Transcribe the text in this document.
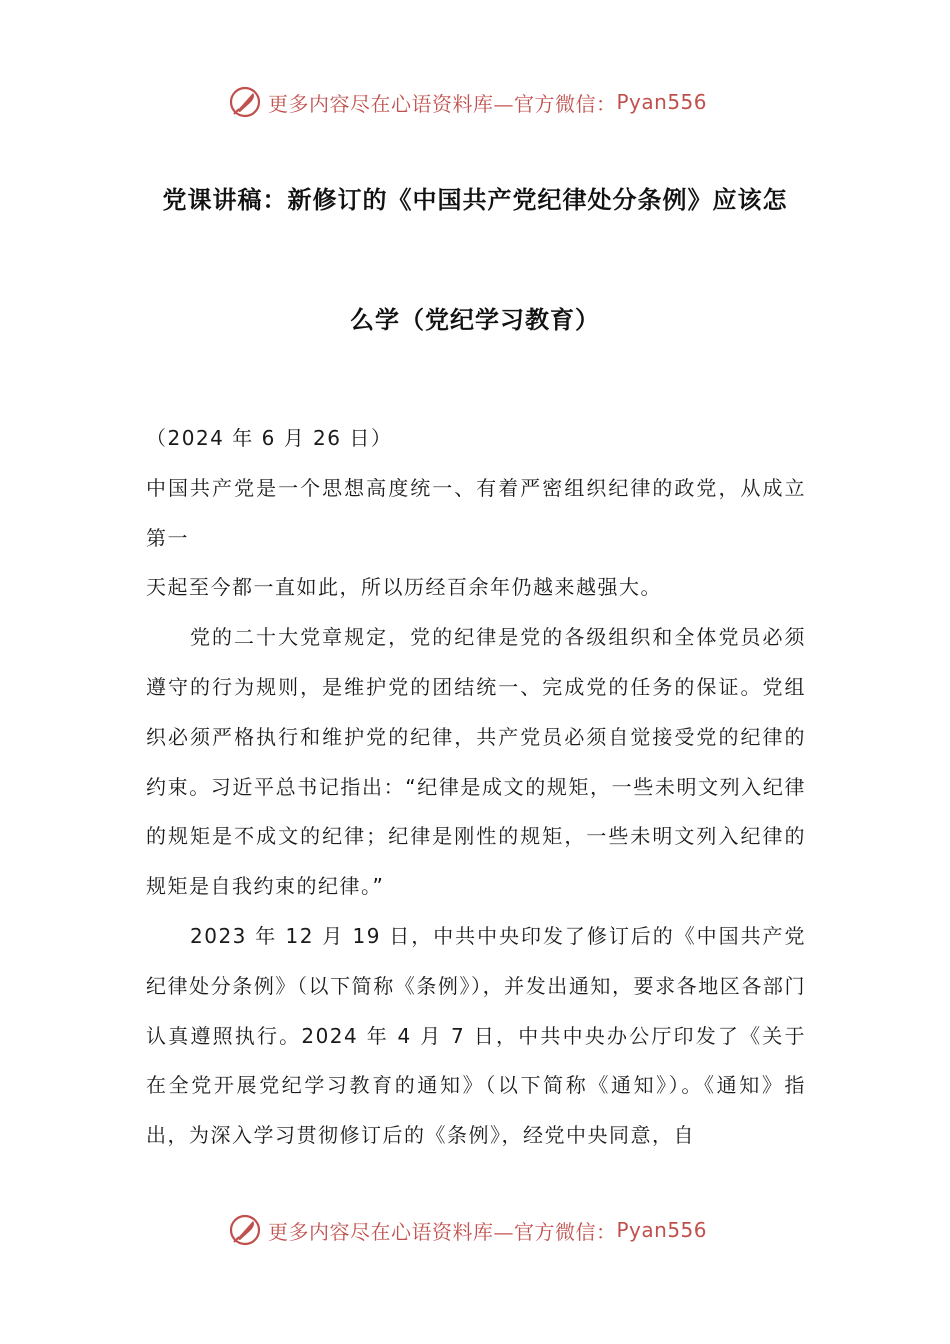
更多内容尽在心语资料库—官方微信： Pyan556
党课讲稿：新修订的《中国共产党纪律处分条例》应该怎
么学（党纪学习教育）

（2024 年 6 月 26 日）

中国共产党是一个思想高度统一、有着严密组织纪律的政党，从成立第一

天起至今都一直如此，所以历经百余年仍越来越强大。

党的二十大党章规定，党的纪律是党的各级组织和全体党员必须遵守的行为规则，是维护党的团结统一、完成党的任务的保证。党组织必须严格执行和维护党的纪律，共产党员必须自觉接受党的纪律的约束。习近平总书记指出：“纪律是成文的规矩，一些未明文列入纪律的规矩是不成文的纪律；纪律是刚性的规矩，一些未明文列入纪律的规矩是自我约束的纪律。”

2023 年 12 月 19 日，中共中央印发了修订后的《中国共产党纪律处分条例》（以下简称《条例》），并发出通知，要求各地区各部门认真遵照执行。2024 年 4 月 7 日，中共中央办公厅印发了《关于在全党开展党纪学习教育的通知》（以下简称《通知》）。《通知》指出，为深入学习贯彻修订后的《条例》，经党中央同意，自

更多内容尽在心语资料库—官方微信： Pyan556
